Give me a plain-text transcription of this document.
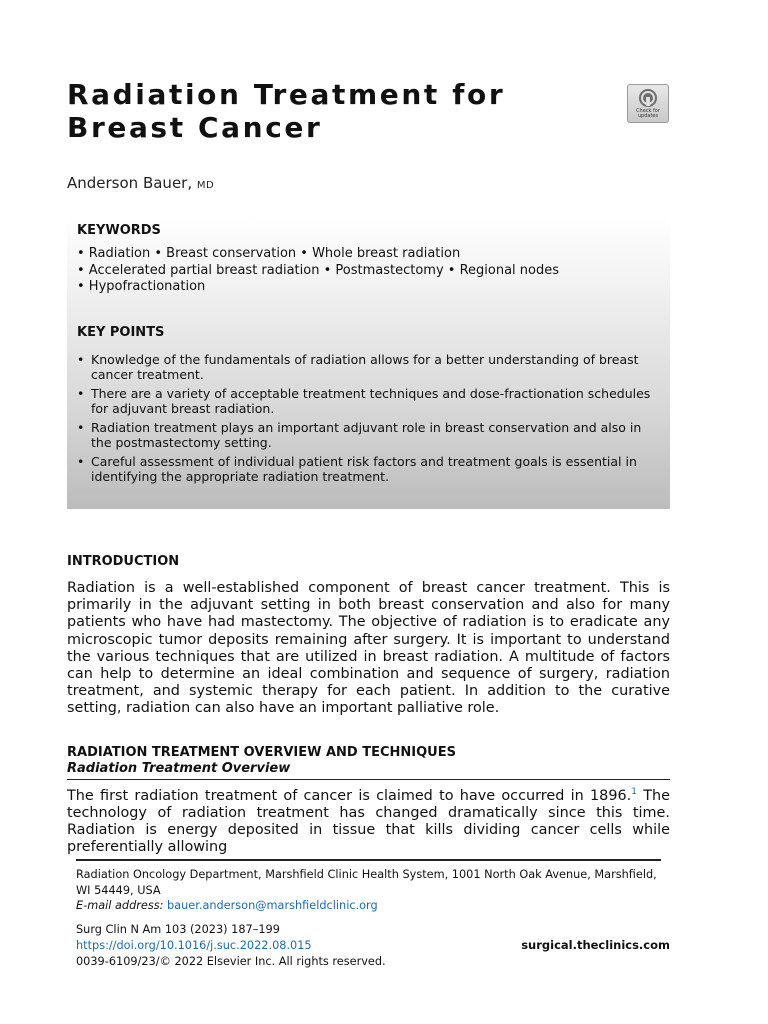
Radiation Treatment for
Breast Cancer	Check for updates
Anderson Bauer, MD
KEYWORDS
• Radiation • Breast conservation • Whole breast radiation
• Accelerated partial breast radiation • Postmastectomy • Regional nodes
• Hypofractionation
KEY POINTS
• Knowledge of the fundamentals of radiation allows for a better understanding of breast cancer treatment.
• There are a variety of acceptable treatment techniques and dose-fractionation schedules for adjuvant breast radiation.
• Radiation treatment plays an important adjuvant role in breast conservation and also in the postmastectomy setting.
• Careful assessment of individual patient risk factors and treatment goals is essential in identifying the appropriate radiation treatment.
INTRODUCTION

Radiation is a well-established component of breast cancer treatment. This is primarily in the adjuvant setting in both breast conservation and also for many patients who have had mastectomy. The objective of radiation is to eradicate any microscopic tumor deposits remaining after surgery. It is important to understand the various techniques that are utilized in breast radiation. A multitude of factors can help to determine an ideal combination and sequence of surgery, radiation treatment, and systemic therapy for each patient. In addition to the curative setting, radiation can also have an important palliative role.

RADIATION TREATMENT OVERVIEW AND TECHNIQUES
Radiation Treatment Overview

The first radiation treatment of cancer is claimed to have occurred in 1896.$^1$ The technology of radiation treatment has changed dramatically since this time. Radiation is energy deposited in tissue that kills dividing cancer cells while preferentially allowing

Radiation Oncology Department, Marshfield Clinic Health System, 1001 North Oak Avenue, Marshfield, WI 54449, USA
E-mail address: bauer.anderson@marshfieldclinic.org
Surg Clin N Am 103 (2023) 187–199
https://doi.org/10.1016/j.suc.2022.08.015
0039-6109/23/© 2022 Elsevier Inc. All rights reserved.
surgical.theclinics.com
